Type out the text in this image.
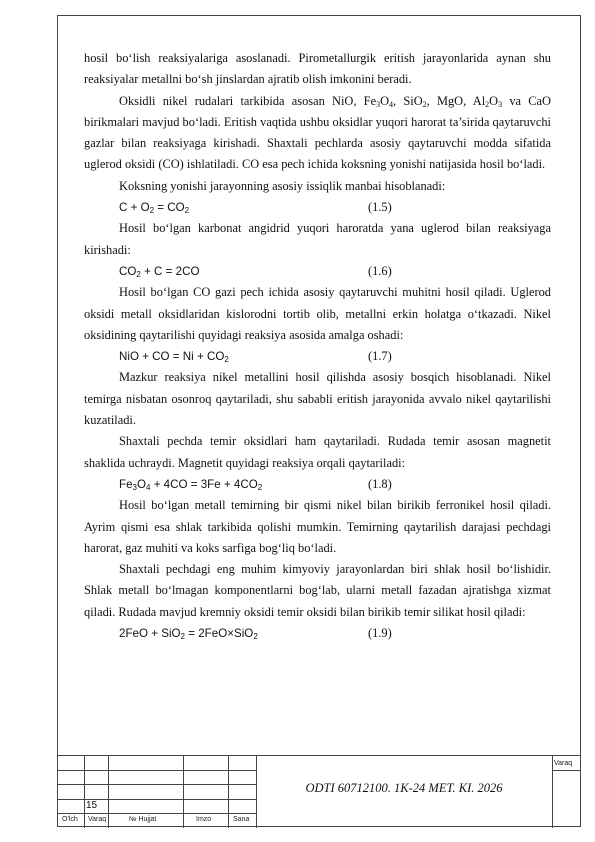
hosil bo‘lish reaksiyalariga asoslanadi. Pirometallurgik eritish jarayonlarida aynan shu reaksiyalar metallni bo‘sh jinslardan ajratib olish imkonini beradi.

Oksidli nikel rudalari tarkibida asosan NiO, $Fe_3O_4$, SiO$_2$, MgO, $Al_2O_3$ va CaO birikmalari mavjud bo‘ladi. Eritish vaqtida ushbu oksidlar yuqori harorat ta’sirida qaytaruvchi gazlar bilan reaksiyaga kirishadi. Shaxtali pechlarda asosiy qaytaruvchi modda sifatida uglerod oksidi (CO) ishlatiladi. CO esa pech ichida koksning yonishi natijasida hosil bo‘ladi.

Koksning yonishi jarayonning asosiy issiqlik manbai hisoblanadi:

$C + O_2 = CO_2$	(1.5)

Hosil bo‘lgan karbonat angidrid yuqori haroratda yana uglerod bilan reaksiyaga kirishadi:

$CO_2 + C = 2CO$	(1.6)

Hosil bo‘lgan CO gazi pech ichida asosiy qaytaruvchi muhitni hosil qiladi. Uglerod oksidi metall oksidlaridan kislorodni tortib olib, metallni erkin holatga o‘tkazadi. Nikel oksidining qaytarilishi quyidagi reaksiya asosida amalga oshadi:

NiO + CO = $Ni + CO_2$	(1.7)

Mazkur reaksiya nikel metallini hosil qilishda asosiy bosqich hisoblanadi. Nikel temirga nisbatan osonroq qaytariladi, shu sababli eritish jarayonida avvalo nikel qaytarilishi kuzatiladi.

Shaxtali pechda temir oksidlari ham qaytariladi. Rudada temir asosan magnetit shaklida uchraydi. Magnetit quyidagi reaksiya orqali qaytariladi:

$Fe_3O_4 + 4CO = 3Fe + 4CO_2$	(1.8)

Hosil bo‘lgan metall temirning bir qismi nikel bilan birikib ferronikel hosil qiladi. Ayrim qismi esa shlak tarkibida qolishi mumkin. Temirning qaytarilish darajasi pechdagi harorat, gaz muhiti va koks sarfiga bog‘liq bo‘ladi.

Shaxtali pechdagi eng muhim kimyoviy jarayonlardan biri shlak hosil bo‘lishidir. Shlak metall bo‘lmagan komponentlarni bog‘lab, ularni metall fazadan ajratishga xizmat qiladi. Rudada mavjud kremniy oksidi temir oksidi bilan birikib temir silikat hosil qiladi:

2FeO + SiO$_2$ = 2FeO×SiO$_2$	(1.9)
15
ODTI 60712100. 1K-24 MET. KI. 2026
Varaq
O'lch Varaq	№ Hujjat	Imzo	Sana
